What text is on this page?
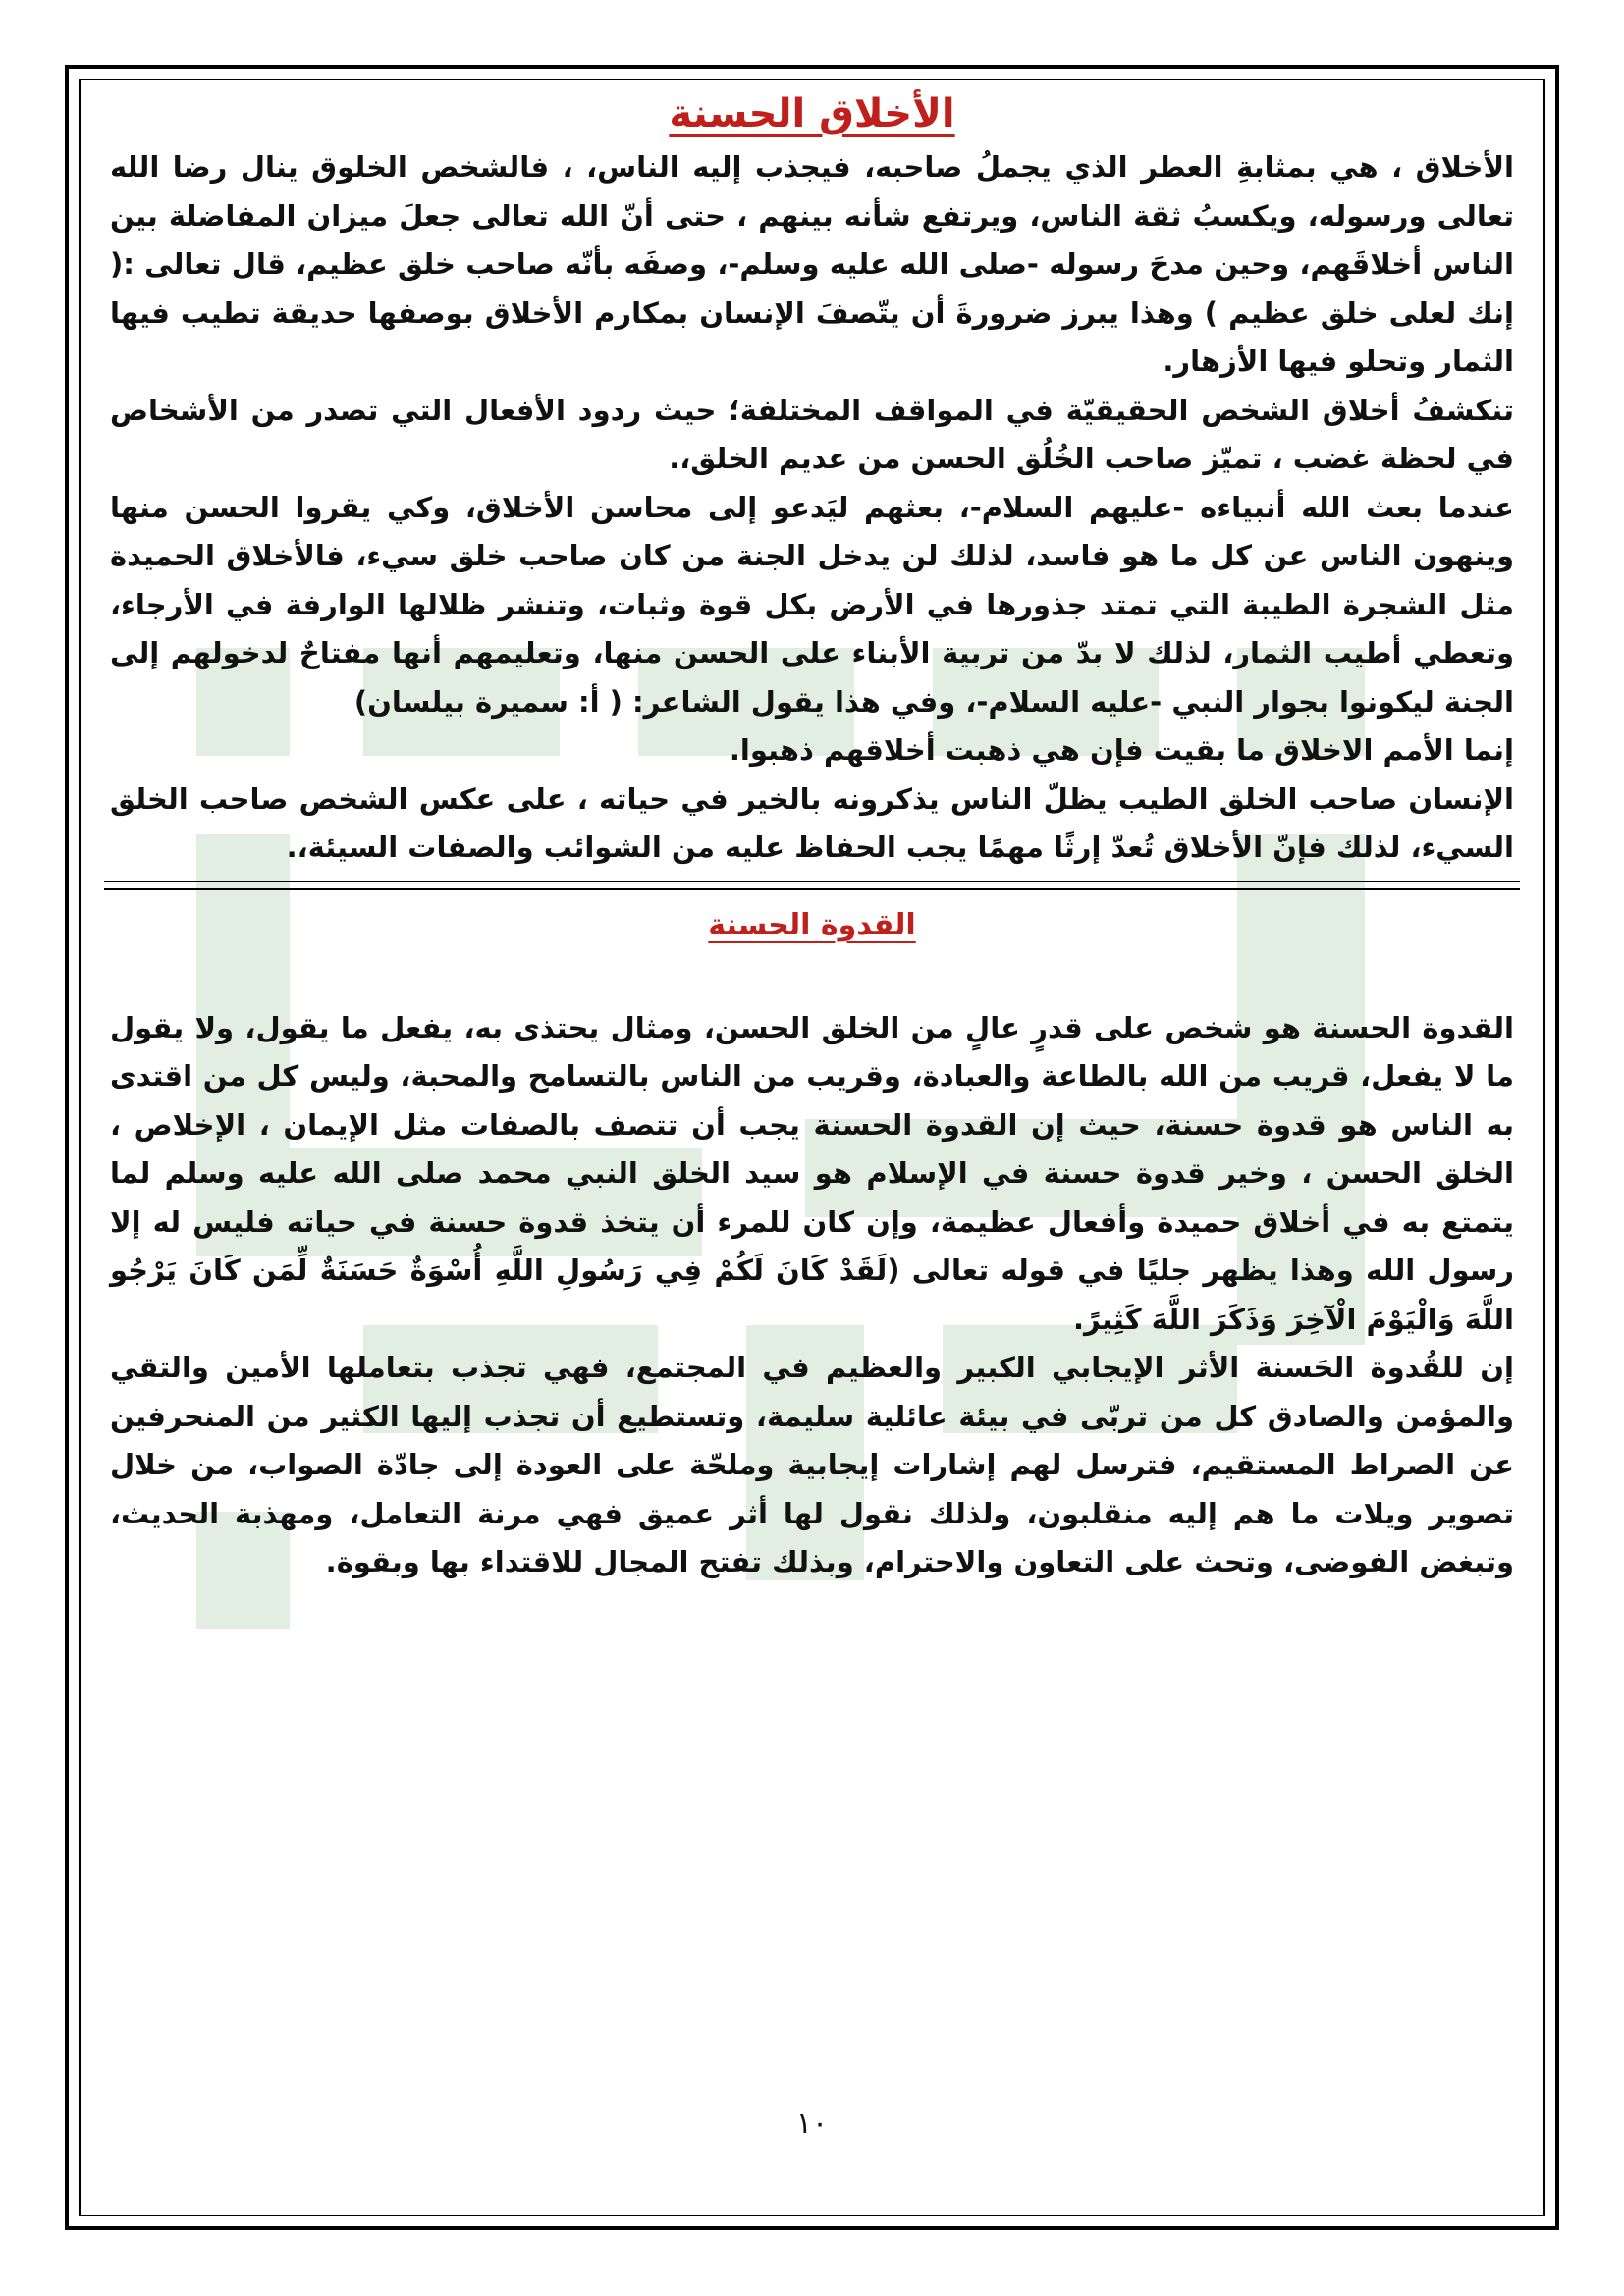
الأخلاق الحسنة

الأخلاق ، هي بمثابةِ العطر الذي يجملُ صاحبه، فيجذب إليه الناس، ، فالشخص الخلوق ينال رضا الله تعالى ورسوله، ويكسبُ ثقة الناس، ويرتفع شأنه بينهم ، حتى أنّ الله تعالى جعلَ ميزان المفاضلة بين الناس أخلاقَهم، وحين مدحَ رسوله -صلى الله عليه وسلم-، وصفَه بأنّه صاحب خلق عظيم، قال تعالى :( إنك لعلى خلق عظيم ) وهذا يبرز ضرورةَ أن يتّصفَ الإنسان بمكارم الأخلاق بوصفها حديقة تطيب فيها الثمار وتحلو فيها الأزهار.

تنكشفُ أخلاق الشخص الحقيقيّة في المواقف المختلفة؛ حيث ردود الأفعال التي تصدر من الأشخاص في لحظة غضب ، تميّز صاحب الخُلُق الحسن من عديم الخلق،.

عندما بعث الله أنبياءه -عليهم السلام-، بعثهم ليَدعو إلى محاسن الأخلاق، وكي يقروا الحسن منها وينهون الناس عن كل ما هو فاسد، لذلك لن يدخل الجنة من كان صاحب خلق سيء، فالأخلاق الحميدة مثل الشجرة الطيبة التي تمتد جذورها في الأرض بكل قوة وثبات، وتنشر ظلالها الوارفة في الأرجاء، وتعطي أطيب الثمار، لذلك لا بدّ من تربية الأبناء على الحسن منها، وتعليمهم أنها مفتاحٌ لدخولهم إلى الجنة ليكونوا بجوار النبي -عليه السلام-، وفي هذا يقول الشاعر: ( أ: سميرة بيلسان)

إنما الأمم الاخلاق ما بقيت فإن هي ذهبت أخلاقهم ذهبوا.

الإنسان صاحب الخلق الطيب يظلّ الناس يذكرونه بالخير في حياته ، على عكس الشخص صاحب الخلق السيء، لذلك فإنّ الأخلاق تُعدّ إرثًا مهمًا يجب الحفاظ عليه من الشوائب والصفات السيئة،.

القدوة الحسنة

القدوة الحسنة هو شخص على قدرٍ عالٍ من الخلق الحسن، ومثال يحتذى به، يفعل ما يقول، ولا يقول ما لا يفعل، قريب من الله بالطاعة والعبادة، وقريب من الناس بالتسامح والمحبة، وليس كل من اقتدى به الناس هو قدوة حسنة، حيث إن القدوة الحسنة يجب أن تتصف بالصفات مثل الإيمان ، الإخلاص ، الخلق الحسن ، وخير قدوة حسنة في الإسلام هو سيد الخلق النبي محمد صلى الله عليه وسلم لما يتمتع به في أخلاق حميدة وأفعال عظيمة، وإن كان للمرء أن يتخذ قدوة حسنة في حياته فليس له إلا رسول الله وهذا يظهر جليًا في قوله تعالى (لَقَدْ كَانَ لَكُمْ فِي رَسُولِ اللَّهِ أُسْوَةٌ حَسَنَةٌ لِّمَن كَانَ يَرْجُو اللَّهَ وَالْيَوْمَ الْآخِرَ وَذَكَرَ اللَّهَ كَثِيرً.

إن للقُدوة الحَسنة الأثر الإيجابي الكبير والعظيم في المجتمع، فهي تجذب بتعاملها الأمين والتقي والمؤمن والصادق كل من تربّى في بيئة عائلية سليمة، وتستطيع أن تجذب إليها الكثير من المنحرفين عن الصراط المستقيم، فترسل لهم إشارات إيجابية وملحّة على العودة إلى جادّة الصواب، من خلال تصوير ويلات ما هم إليه منقلبون، ولذلك نقول لها أثر عميق فهي مرنة التعامل، ومهذبة الحديث، وتبغض الفوضى، وتحث على التعاون والاحترام، وبذلك تفتح المجال للاقتداء بها وبقوة.

١٠
